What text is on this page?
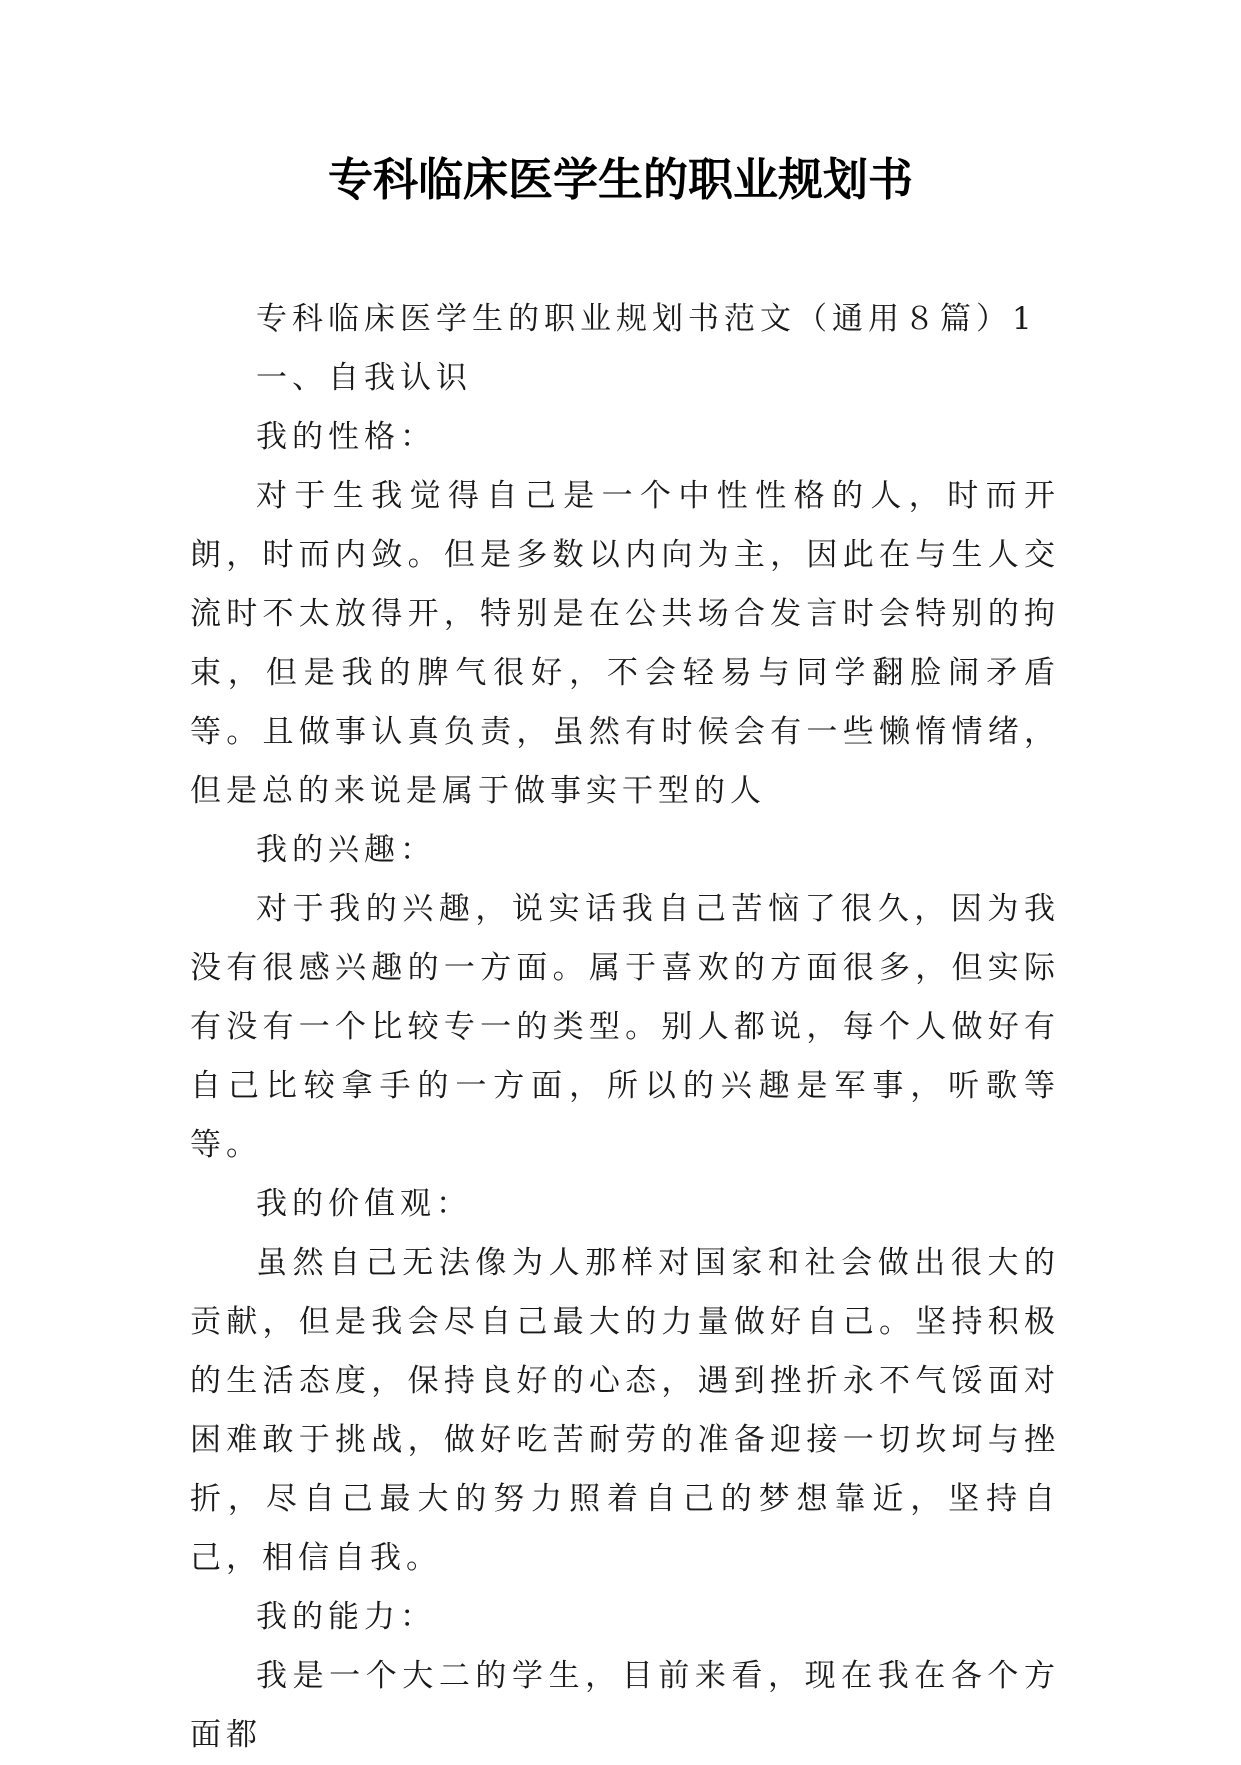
专科临床医学生的职业规划书

专科临床医学生的职业规划书范文（通用８篇）1

一、自我认识

我的性格：

对于生我觉得自己是一个中性性格的人，时而开朗，时而内敛。但是多数以内向为主，因此在与生人交流时不太放得开，特别是在公共场合发言时会特别的拘束，但是我的脾气很好，不会轻易与同学翻脸闹矛盾等。且做事认真负责，虽然有时候会有一些懒惰情绪，但是总的来说是属于做事实干型的人

我的兴趣：

对于我的兴趣，说实话我自己苦恼了很久，因为我没有很感兴趣的一方面。属于喜欢的方面很多，但实际有没有一个比较专一的类型。别人都说，每个人做好有自己比较拿手的一方面，所以的兴趣是军事，听歌等等。

我的价值观：

虽然自己无法像为人那样对国家和社会做出很大的贡献，但是我会尽自己最大的力量做好自己。坚持积极的生活态度，保持良好的心态，遇到挫折永不气馁面对困难敢于挑战，做好吃苦耐劳的准备迎接一切坎坷与挫折，尽自己最大的努力照着自己的梦想靠近，坚持自己，相信自我。

我的能力：

我是一个大二的学生，目前来看，现在我在各个方面都
